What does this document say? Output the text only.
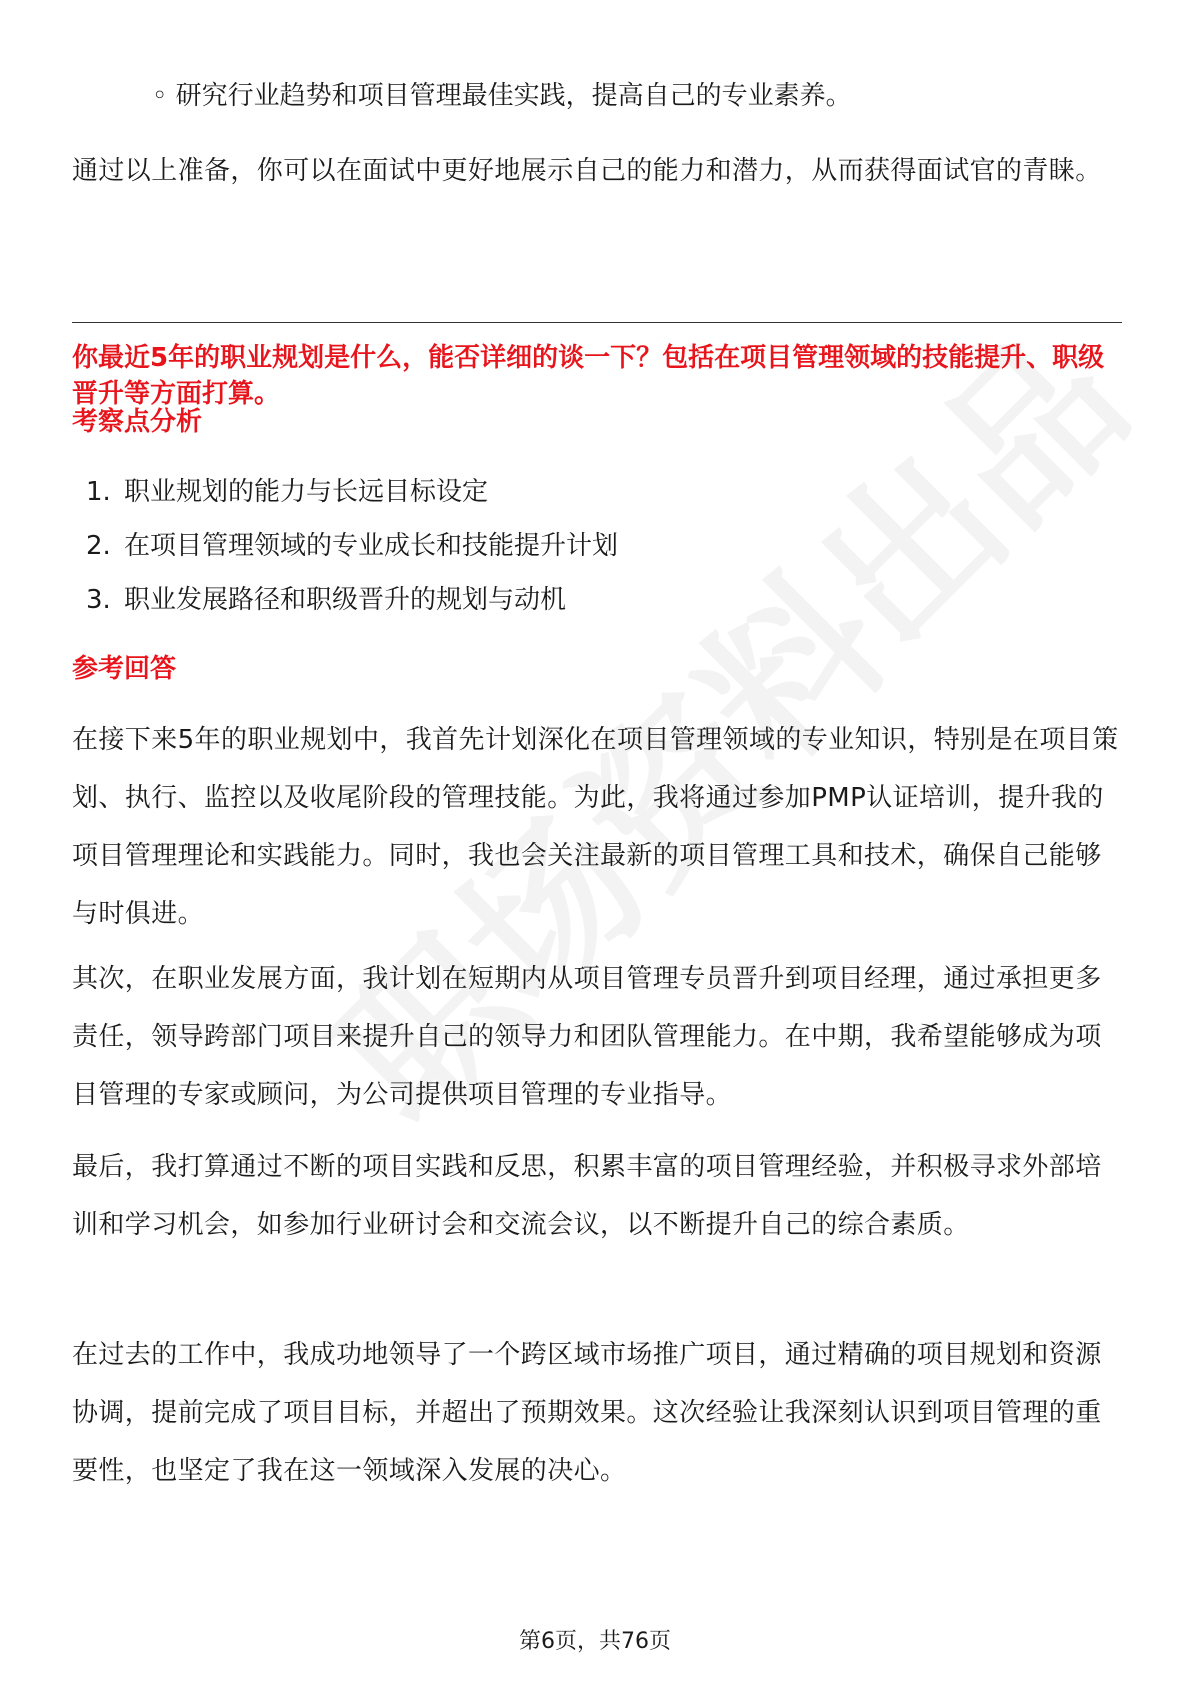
◦ 研究行业趋势和项目管理最佳实践，提高自己的专业素养。
通过以上准备，你可以在面试中更好地展示自己的能力和潜力，从而获得面试官的青睐。
你最近5年的职业规划是什么，能否详细的谈一下？包括在项目管理领域的技能提升、职级晋升等方面打算。
考察点分析
1. 职业规划的能力与长远目标设定
2. 在项目管理领域的专业成长和技能提升计划
3. 职业发展路径和职级晋升的规划与动机
参考回答
在接下来5年的职业规划中，我首先计划深化在项目管理领域的专业知识，特别是在项目策划、执行、监控以及收尾阶段的管理技能。为此，我将通过参加PMP认证培训，提升我的项目管理理论和实践能力。同时，我也会关注最新的项目管理工具和技术，确保自己能够与时俱进。
其次，在职业发展方面，我计划在短期内从项目管理专员晋升到项目经理，通过承担更多责任，领导跨部门项目来提升自己的领导力和团队管理能力。在中期，我希望能够成为项目管理的专家或顾问，为公司提供项目管理的专业指导。
最后，我打算通过不断的项目实践和反思，积累丰富的项目管理经验，并积极寻求外部培训和学习机会，如参加行业研讨会和交流会议，以不断提升自己的综合素质。
在过去的工作中，我成功地领导了一个跨区域市场推广项目，通过精确的项目规划和资源协调，提前完成了项目目标，并超出了预期效果。这次经验让我深刻认识到项目管理的重要性，也坚定了我在这一领域深入发展的决心。
第6页，共76页
